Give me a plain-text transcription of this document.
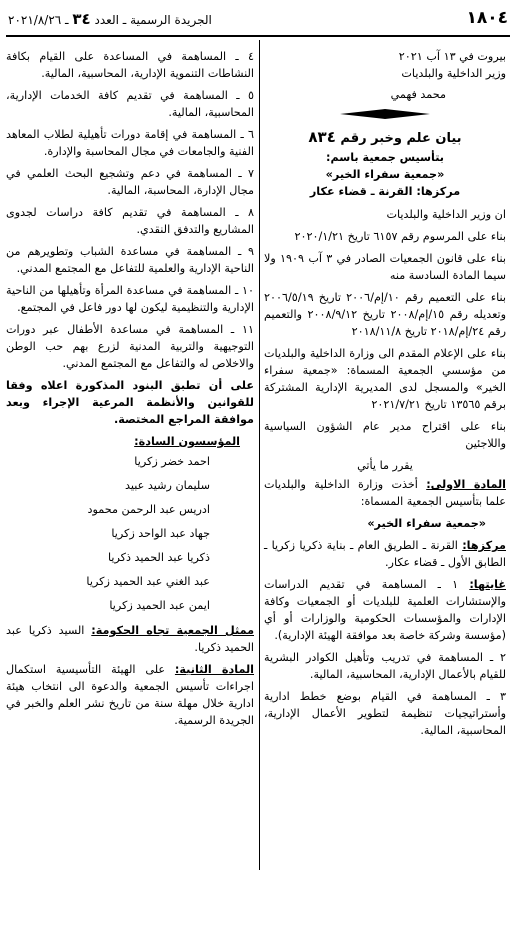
١٨٠٤
الجريدة الرسمية ـ العدد ٣٤ ـ ٢٠٢١/٨/٢٦

بيروت في ١٣ آب ٢٠٢١

وزير الداخلية والبلديات

محمد فهمي

بيان علم وخبر رقم ٨٣٤

بتأسيس جمعية باسم:

«جمعية سفراء الخير»

مركزها: القرنة ـ قضاء عكار

ان وزير الداخلية والبلديات

بناء على المرسوم رقم ٦١٥٧ تاريخ ٢٠٢٠/١/٢١

بناء على قانون الجمعيات الصادر في ٣ آب ١٩٠٩ ولا سيما المادة السادسة منه

بناء على التعميم رقم ١٠/إم/٢٠٠٦ تاريخ ٢٠٠٦/٥/١٩ وتعديله رقم ١٥/إم/٢٠٠٨ تاريخ ٢٠٠٨/٩/١٢ والتعميم رقم ٢٤/إم/٢٠١٨ تاريخ ٢٠١٨/١١/٨

بناء على الإعلام المقدم الى وزارة الداخلية والبلديات من مؤسسي الجمعية المسماة: «جمعية سفراء الخير» والمسجل لدى المديرية الإدارية المشتركة برقم ١٣٥٦٥ تاريخ ٢٠٢١/٧/٢١

بناء على اقتراح مدير عام الشؤون السياسية واللاجئين

يقرر ما يأتي

المادة الاولى: أخذت وزارة الداخلية والبلديات علما بتأسيس الجمعية المسماة:

«جمعية سفراء الخير»

مركزها: القرنة ـ الطريق العام ـ بناية ذكريا زكريا ـ الطابق الأول ـ قضاء عكار.

غايتها: ١ ـ المساهمة في تقديم الدراسات والإستشارات العلمية للبلديات أو الجمعيات وكافة الإدارات والمؤسسات الحكومية والوزارات أو أي (مؤسسة وشركة خاصة بعد موافقة الهيئة الإدارية).

٢ ـ المساهمة في تدريب وتأهيل الكوادر البشرية للقيام بالأعمال الإدارية، المحاسبية، المالية.

٣ ـ المساهمة في القيام بوضع خطط ادارية وأستراتيجيات تنظيمة لتطوير الأعمال الإدارية، المحاسبية، المالية.

٤ ـ المساهمة في المساعدة على القيام بكافة النشاطات التنموية الإدارية، المحاسبية، المالية.

٥ ـ المساهمة في تقديم كافة الخدمات الإدارية، المحاسبية، المالية.

٦ ـ المساهمة في إقامة دورات تأهيلية لطلاب المعاهد الفنية والجامعات في مجال المحاسبة والإدارة.

٧ ـ المساهمة في دعم وتشجيع البحث العلمي في مجال الإدارة، المحاسبة، المالية.

٨ ـ المساهمة في تقديم كافة دراسات لجدوى المشاريع والتدفق النقدي.

٩ ـ المساهمة في مساعدة الشباب وتطويرهم من الناحية الإدارية والعلمية للتفاعل مع المجتمع المدني.

١٠ ـ المساهمة في مساعدة المرأة وتأهيلها من الناحية الإدارية والتنظيمية ليكون لها دور فاعل في المجتمع.

١١ ـ المساهمة في مساعدة الأطفال عبر دورات التوجيهية والتربية المدنية لزرع بهم حب الوطن والاخلاص له والتفاعل مع المجتمع المدني.

على أن تطبق البنود المذكورة اعلاه وفقا للقوانين والأنظمة المرعية الإجراء وبعد موافقة المراجع المختصة.

المؤسسون السادة:

احمد خضر زكريا
سليمان رشيد عبيد
ادريس عبد الرحمن محمود
جهاد عبد الواحد زكريا
ذكريا عبد الحميد ذكريا
عبد الغني عبد الحميد زكريا
ايمن عبد الحميد زكريا

ممثل الجمعية تجاه الحكومة: السيد ذكريا عبد الحميد ذكريا.

المادة الثانية: على الهيئة التأسيسية استكمال اجراءات تأسيس الجمعية والدعوة الى انتخاب هيئة ادارية خلال مهلة سنة من تاريخ نشر العلم والخبر في الجريدة الرسمية.
